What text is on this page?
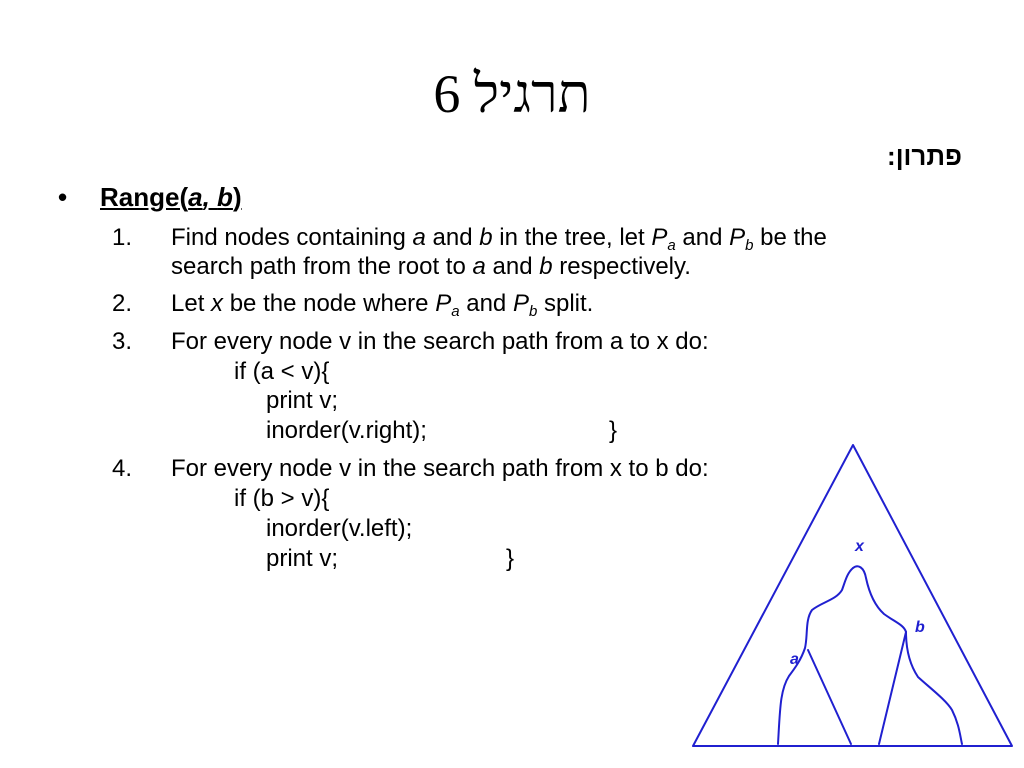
תרגיל 6
פתרון:
• Range(a, b)
1. Find nodes containing a and b in the tree, let $P_a$ and $P_b$ be the
search path from the root to a and b respectively.
2. Let x be the node where $P_a$ and $P_b$ split.
3. For every node v in the search path from a to x do:
if (a < v){
print v;
inorder(v.right);	}
4. For every node v in the search path from x to b do:
if (b > v){
inorder(v.left);
print v;	}	x
b
a
